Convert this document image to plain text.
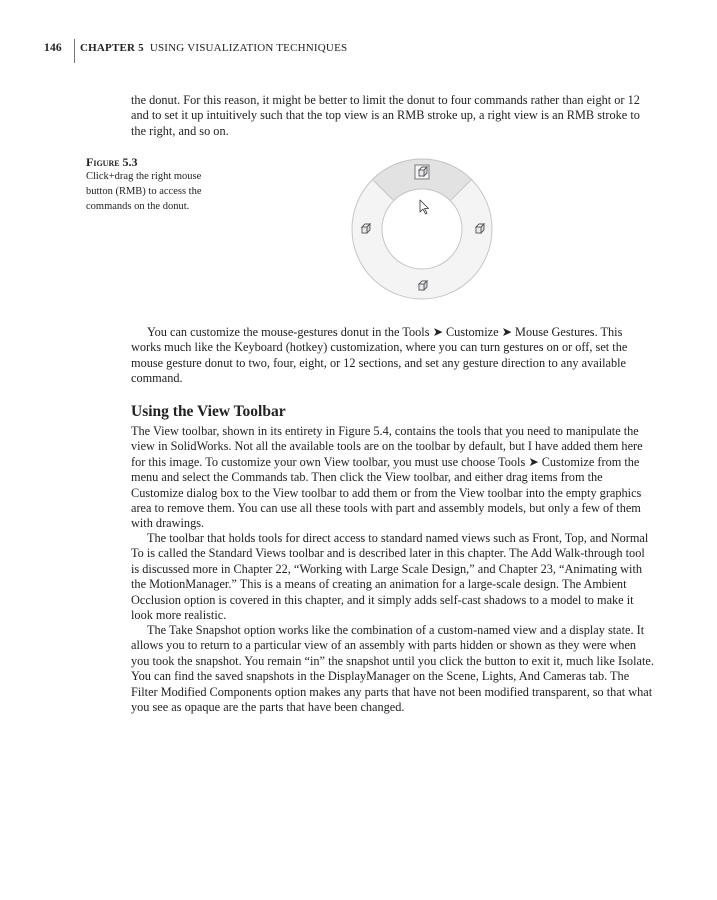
146 CHAPTER 5 USING VISUALIZATION TECHNIQUES

the donut. For this reason, it might be better to limit the donut to four commands rather than eight or 12 and to set it up intuitively such that the top view is an RMB stroke up, a right view is an RMB stroke to the right, and so on.

Figure 5.3
Click+drag the right mouse button (RMB) to access the commands on the donut.

You can customize the mouse-gestures donut in the Tools ➤ Customize ➤ Mouse Gestures. This works much like the Keyboard (hotkey) customization, where you can turn gestures on or off, set the mouse gesture donut to two, four, eight, or 12 sections, and set any gesture direction to any available command.

Using the View Toolbar

The View toolbar, shown in its entirety in Figure 5.4, contains the tools that you need to manipulate the view in SolidWorks. Not all the available tools are on the toolbar by default, but I have added them here for this image. To customize your own View toolbar, you must use choose Tools ➤ Customize from the menu and select the Commands tab. Then click the View toolbar, and either drag items from the Customize dialog box to the View toolbar to add them or from the View toolbar into the empty graphics area to remove them. You can use all these tools with part and assembly models, but only a few of them with drawings.

The toolbar that holds tools for direct access to standard named views such as Front, Top, and Normal To is called the Standard Views toolbar and is described later in this chapter. The Add Walk-through tool is discussed more in Chapter 22, “Working with Large Scale Design,” and Chapter 23, “Animating with the MotionManager.” This is a means of creating an animation for a large-scale design. The Ambient Occlusion option is covered in this chapter, and it simply adds self-cast shadows to a model to make it look more realistic.

The Take Snapshot option works like the combination of a custom-named view and a display state. It allows you to return to a particular view of an assembly with parts hidden or shown as they were when you took the snapshot. You remain “in” the snapshot until you click the button to exit it, much like Isolate. You can find the saved snapshots in the DisplayManager on the Scene, Lights, And Cameras tab. The Filter Modified Components option makes any parts that have not been modified transparent, so that what you see as opaque are the parts that have been changed.
